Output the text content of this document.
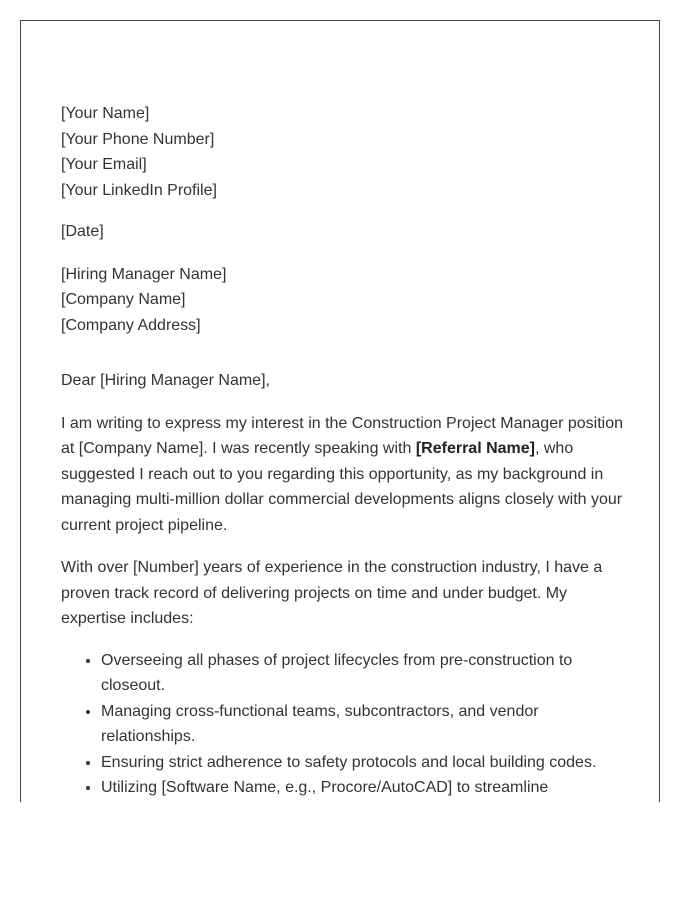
[Your Name]
[Your Phone Number]
[Your Email]
[Your LinkedIn Profile]

[Date]

[Hiring Manager Name]
[Company Name]
[Company Address]

Dear [Hiring Manager Name],

I am writing to express my interest in the Construction Project Manager position at [Company Name]. I was recently speaking with [Referral Name], who suggested I reach out to you regarding this opportunity, as my background in managing multi-million dollar commercial developments aligns closely with your current project pipeline.

With over [Number] years of experience in the construction industry, I have a proven track record of delivering projects on time and under budget. My expertise includes:

• Overseeing all phases of project lifecycles from pre-construction to closeout.
• Managing cross-functional teams, subcontractors, and vendor relationships.
• Ensuring strict adherence to safety protocols and local building codes.
• Utilizing [Software Name, e.g., Procore/AutoCAD] to streamline
